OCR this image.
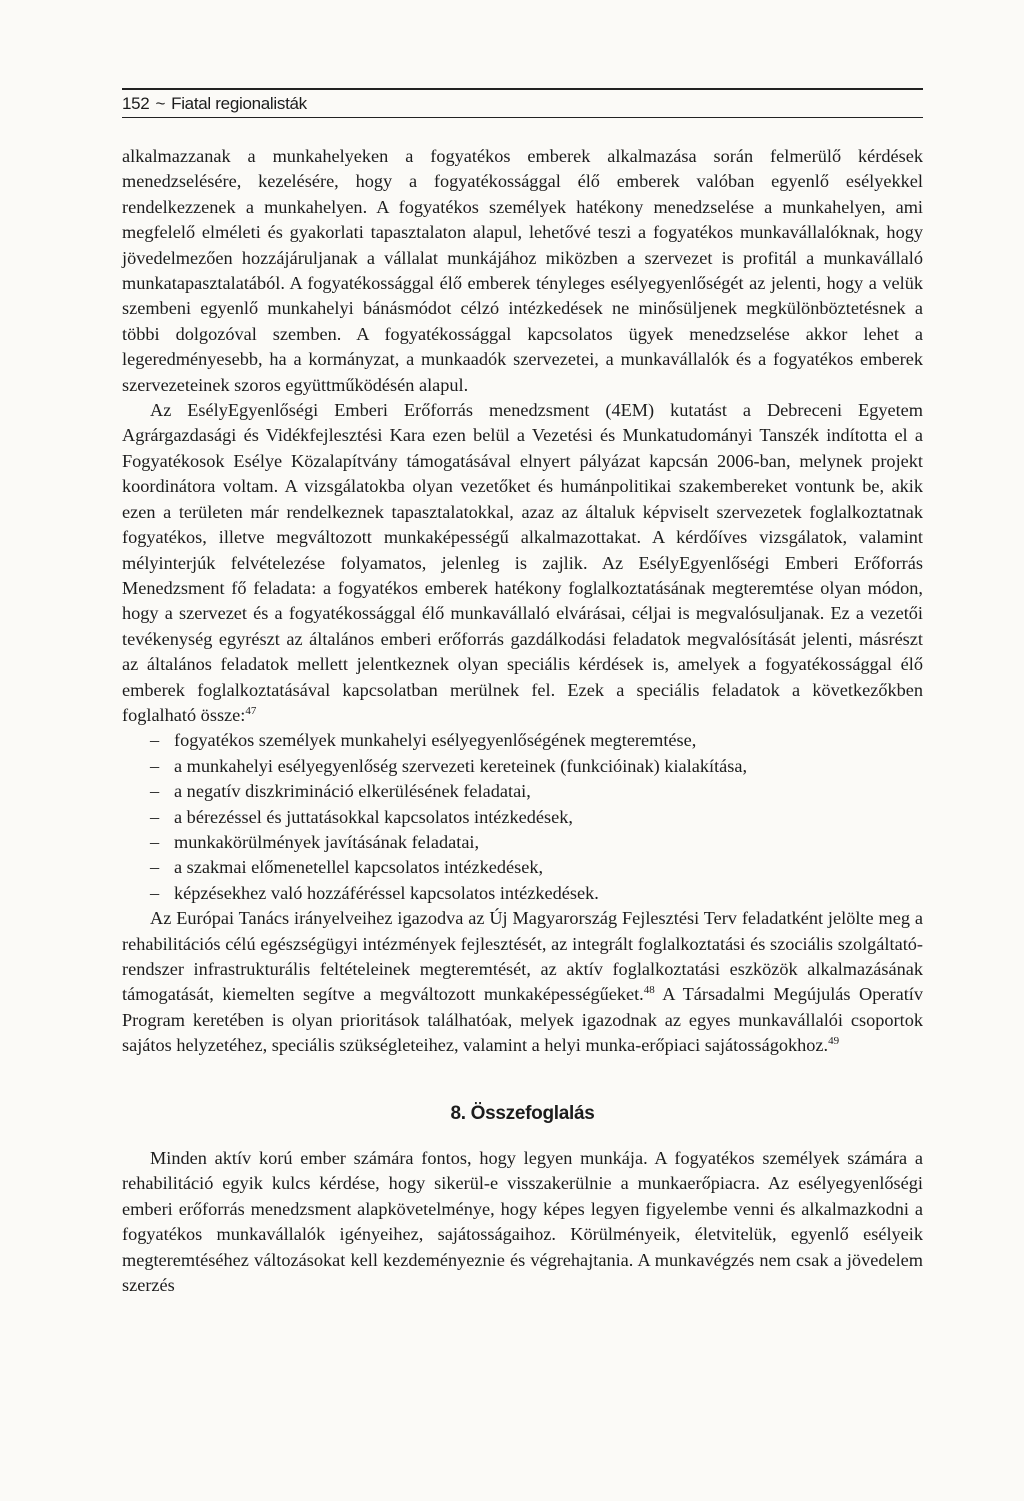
152 ~ Fiatal regionalisták

alkalmazzanak a munkahelyeken a fogyatékos emberek alkalmazása során felmerülő kérdések menedzselésére, kezelésére, hogy a fogyatékossággal élő emberek valóban egyenlő esélyekkel rendelkezzenek a munkahelyen. A fogyatékos személyek hatékony menedzselése a munkahelyen, ami megfelelő elméleti és gyakorlati tapasztalaton alapul, lehetővé teszi a fogyatékos munkavállalóknak, hogy jövedelmezően hozzájáruljanak a vállalat munkájához miközben a szervezet is profitál a munkavállaló munkatapasztalatából. A fogyatékossággal élő emberek tényleges esélyegyenlőségét az jelenti, hogy a velük szembeni egyenlő munkahelyi bánásmódot célzó intézkedések ne minősüljenek megkülönböztetésnek a többi dolgozóval szemben. A fogyatékossággal kapcsolatos ügyek menedzselése akkor lehet a legeredményesebb, ha a kormányzat, a munkaadók szervezetei, a munkavállalók és a fogyatékos emberek szervezeteinek szoros együttműködésén alapul.

Az EsélyEgyenlőségi Emberi Erőforrás menedzsment (4EM) kutatást a Debreceni Egyetem Agrárgazdasági és Vidékfejlesztési Kara ezen belül a Vezetési és Munkatudományi Tanszék indította el a Fogyatékosok Esélye Közalapítvány támogatásával elnyert pályázat kapcsán 2006-ban, melynek projekt koordinátora voltam. A vizsgálatokba olyan vezetőket és humánpolitikai szakembereket vontunk be, akik ezen a területen már rendelkeznek tapasztalatokkal, azaz az általuk képviselt szervezetek foglalkoztatnak fogyatékos, illetve megváltozott munkaképességű alkalmazottakat. A kérdőíves vizsgálatok, valamint mélyinterjúk felvételezése folyamatos, jelenleg is zajlik. Az EsélyEgyenlőségi Emberi Erőforrás Menedzsment fő feladata: a fogyatékos emberek hatékony foglalkoztatásának megteremtése olyan módon, hogy a szervezet és a fogyatékossággal élő munkavállaló elvárásai, céljai is megvalósuljanak. Ez a vezetői tevékenység egyrészt az általános emberi erőforrás gazdálkodási feladatok megvalósítását jelenti, másrészt az általános feladatok mellett jelentkeznek olyan speciális kérdések is, amelyek a fogyatékossággal élő emberek foglalkoztatásával kapcsolatban merülnek fel. Ezek a speciális feladatok a következőkben foglalható össze:$^{47}$

– fogyatékos személyek munkahelyi esélyegyenlőségének megteremtése,
– a munkahelyi esélyegyenlőség szervezeti kereteinek (funkcióinak) kialakítása,
– a negatív diszkrimináció elkerülésének feladatai,
– a bérezéssel és juttatásokkal kapcsolatos intézkedések,
– munkakörülmények javításának feladatai,
– a szakmai előmenetellel kapcsolatos intézkedések,
– képzésekhez való hozzáféréssel kapcsolatos intézkedések.

Az Európai Tanács irányelveihez igazodva az Új Magyarország Fejlesztési Terv feladatként jelölte meg a rehabilitációs célú egészségügyi intézmények fejlesztését, az integrált foglalkoztatási és szociális szolgáltató-rendszer infrastrukturális feltételeinek megteremtését, az aktív foglalkoztatási eszközök alkalmazásának támogatását, kiemelten segítve a megváltozott munkaképességűeket.$^{48}$ A Társadalmi Megújulás Operatív Program keretében is olyan prioritások találhatóak, melyek igazodnak az egyes munkavállalói csoportok sajátos helyzetéhez, speciális szükségleteihez, valamint a helyi munka-erőpiaci sajátosságokhoz.$^{49}$

8. Összefoglalás

Minden aktív korú ember számára fontos, hogy legyen munkája. A fogyatékos személyek számára a rehabilitáció egyik kulcs kérdése, hogy sikerül-e visszakerülnie a munkaerőpiacra. Az esélyegyenlőségi emberi erőforrás menedzsment alapkövetelménye, hogy képes legyen figyelembe venni és alkalmazkodni a fogyatékos munkavállalók igényeihez, sajátosságaihoz. Körülményeik, életvitelük, egyenlő esélyeik megteremtéséhez változásokat kell kezdeményeznie és végrehajtania. A munkavégzés nem csak a jövedelem szerzés
